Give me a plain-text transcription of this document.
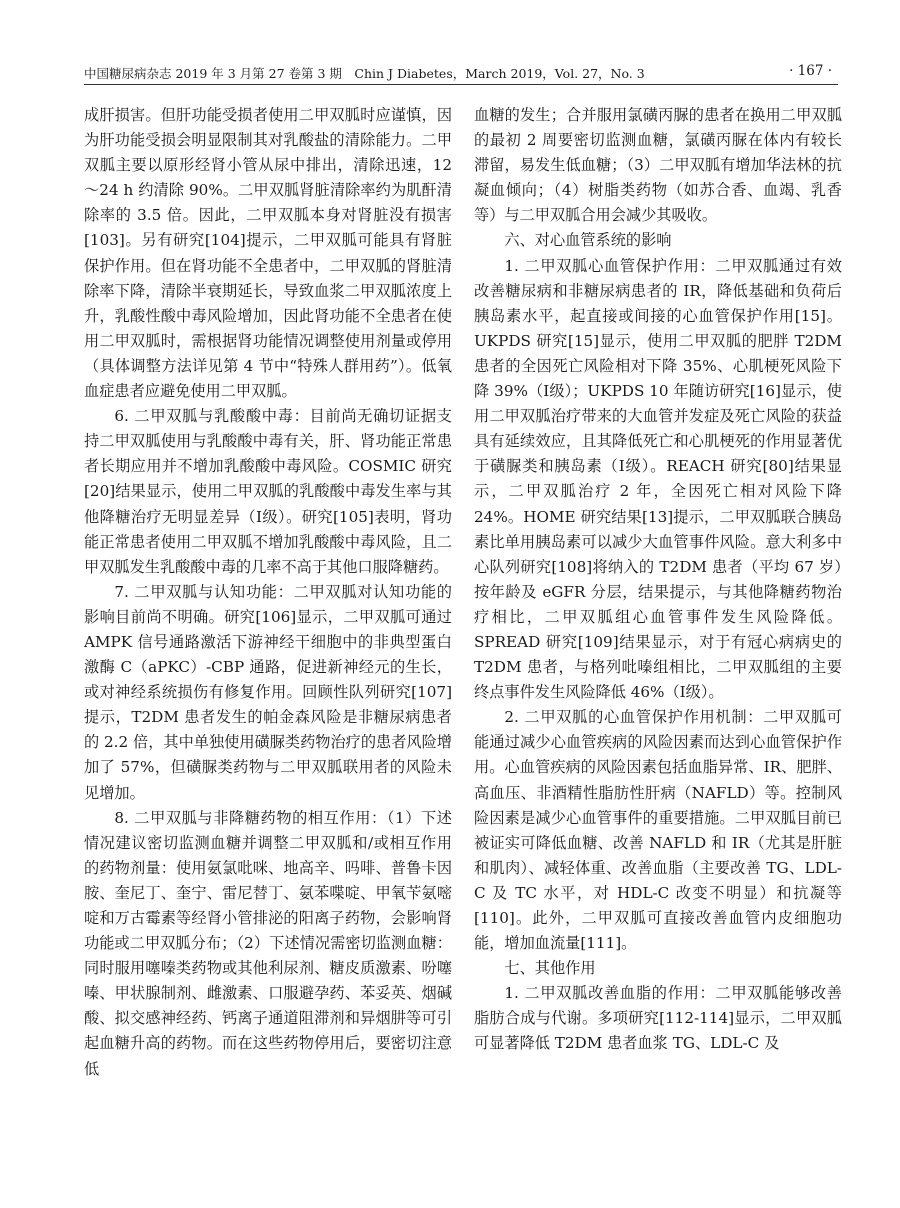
中国糖尿病杂志 2019 年 3 月第 27 卷第 3 期　Chin J Diabetes，March 2019，Vol. 27，No. 3	· 167 ·

成肝损害。但肝功能受损者使用二甲双胍时应谨慎，因为肝功能受损会明显限制其对乳酸盐的清除能力。二甲双胍主要以原形经肾小管从尿中排出，清除迅速，12～24 h 约清除 90%。二甲双胍肾脏清除率约为肌酐清除率的 3.5 倍。因此，二甲双胍本身对肾脏没有损害[103]。另有研究[104]提示，二甲双胍可能具有肾脏保护作用。但在肾功能不全患者中，二甲双胍的肾脏清除率下降，清除半衰期延长，导致血浆二甲双胍浓度上升，乳酸性酸中毒风险增加，因此肾功能不全患者在使用二甲双胍时，需根据肾功能情况调整使用剂量或停用（具体调整方法详见第 4 节中“特殊人群用药”）。低氧血症患者应避免使用二甲双胍。

6. 二甲双胍与乳酸酸中毒：目前尚无确切证据支持二甲双胍使用与乳酸酸中毒有关，肝、肾功能正常患者长期应用并不增加乳酸酸中毒风险。COSMIC 研究[20]结果显示，使用二甲双胍的乳酸酸中毒发生率与其他降糖治疗无明显差异（Ⅰ级）。研究[105]表明，肾功能正常患者使用二甲双胍不增加乳酸酸中毒风险，且二甲双胍发生乳酸酸中毒的几率不高于其他口服降糖药。

7. 二甲双胍与认知功能：二甲双胍对认知功能的影响目前尚不明确。研究[106]显示，二甲双胍可通过 AMPK 信号通路激活下游神经干细胞中的非典型蛋白激酶 C（aPKC）-CBP 通路，促进新神经元的生长，或对神经系统损伤有修复作用。回顾性队列研究[107]提示，T2DM 患者发生的帕金森风险是非糖尿病患者的 2.2 倍，其中单独使用磺脲类药物治疗的患者风险增加了 57%，但磺脲类药物与二甲双胍联用者的风险未见增加。

8. 二甲双胍与非降糖药物的相互作用：（1）下述情况建议密切监测血糖并调整二甲双胍和/或相互作用的药物剂量：使用氨氯吡咪、地高辛、吗啡、普鲁卡因胺、奎尼丁、奎宁、雷尼替丁、氨苯喋啶、甲氧苄氨嘧啶和万古霉素等经肾小管排泌的阳离子药物，会影响肾功能或二甲双胍分布；（2）下述情况需密切监测血糖：同时服用噻嗪类药物或其他利尿剂、糖皮质激素、吩噻嗪、甲状腺制剂、雌激素、口服避孕药、苯妥英、烟碱酸、拟交感神经药、钙离子通道阻滞剂和异烟肼等可引起血糖升高的药物。而在这些药物停用后，要密切注意低

血糖的发生；合并服用氯磺丙脲的患者在换用二甲双胍的最初 2 周要密切监测血糖，氯磺丙脲在体内有较长滞留，易发生低血糖；（3）二甲双胍有增加华法林的抗凝血倾向；（4）树脂类药物（如苏合香、血竭、乳香等）与二甲双胍合用会减少其吸收。

六、对心血管系统的影响

1. 二甲双胍心血管保护作用：二甲双胍通过有效改善糖尿病和非糖尿病患者的 IR，降低基础和负荷后胰岛素水平，起直接或间接的心血管保护作用[15]。UKPDS 研究[15]显示，使用二甲双胍的肥胖 T2DM 患者的全因死亡风险相对下降 35%、心肌梗死风险下降 39%（Ⅰ级）；UKPDS 10 年随访研究[16]显示，使用二甲双胍治疗带来的大血管并发症及死亡风险的获益具有延续效应，且其降低死亡和心肌梗死的作用显著优于磺脲类和胰岛素（Ⅰ级）。REACH 研究[80]结果显示，二甲双胍治疗 2 年，全因死亡相对风险下降 24%。HOME 研究结果[13]提示，二甲双胍联合胰岛素比单用胰岛素可以减少大血管事件风险。意大利多中心队列研究[108]将纳入的 T2DM 患者（平均 67 岁）按年龄及 eGFR 分层，结果提示，与其他降糖药物治疗相比，二甲双胍组心血管事件发生风险降低。SPREAD 研究[109]结果显示，对于有冠心病病史的 T2DM 患者，与格列吡嗪组相比，二甲双胍组的主要终点事件发生风险降低 46%（Ⅰ级）。

2. 二甲双胍的心血管保护作用机制：二甲双胍可能通过减少心血管疾病的风险因素而达到心血管保护作用。心血管疾病的风险因素包括血脂异常、IR、肥胖、高血压、非酒精性脂肪性肝病（NAFLD）等。控制风险因素是减少心血管事件的重要措施。二甲双胍目前已被证实可降低血糖、改善 NAFLD 和 IR（尤其是肝脏和肌肉）、减轻体重、改善血脂（主要改善 TG、LDL-C 及 TC 水平，对 HDL-C 改变不明显）和抗凝等[110]。此外，二甲双胍可直接改善血管内皮细胞功能，增加血流量[111]。

七、其他作用

1. 二甲双胍改善血脂的作用：二甲双胍能够改善脂肪合成与代谢。多项研究[112-114]显示，二甲双胍可显著降低 T2DM 患者血浆 TG、LDL-C 及
